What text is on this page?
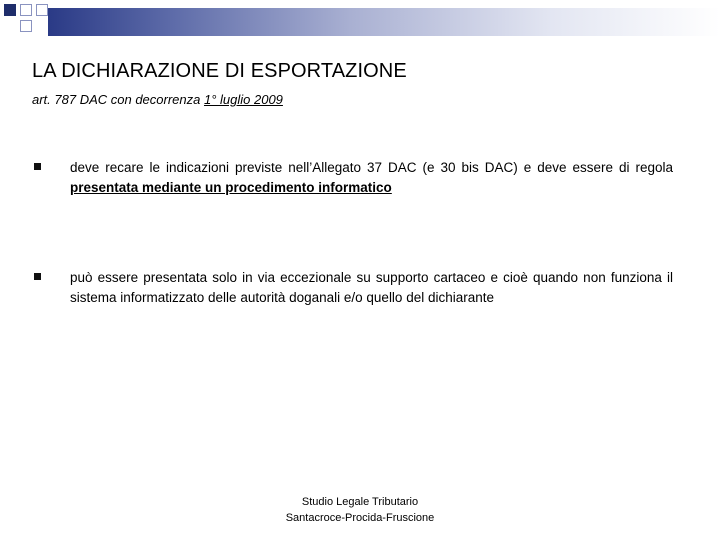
LA DICHIARAZIONE DI ESPORTAZIONE
art. 787 DAC con decorrenza 1° luglio 2009
deve recare le indicazioni previste nell’Allegato 37 DAC (e 30 bis DAC) e deve essere di regola presentata mediante un procedimento informatico
può essere presentata solo in via eccezionale su supporto cartaceo e cioè quando non funziona il sistema informatizzato delle autorità doganali e/o quello del dichiarante
Studio Legale Tributario
Santacroce-Procida-Fruscione
